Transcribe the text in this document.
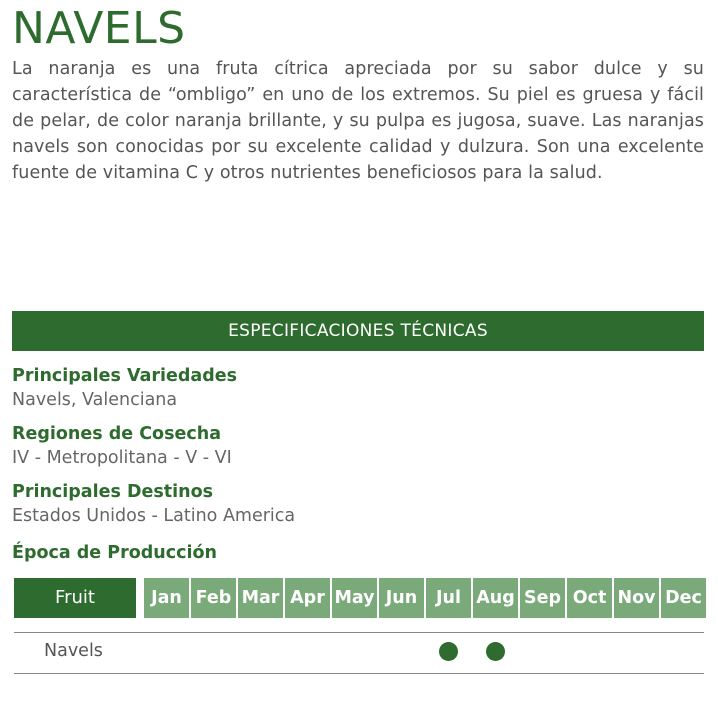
NAVELS

La naranja es una fruta cítrica apreciada por su sabor dulce y su característica de “ombligo” en uno de los extremos. Su piel es gruesa y fácil de pelar, de color naranja brillante, y su pulpa es jugosa, suave. Las naranjas navels son conocidas por su excelente calidad y dulzura. Son una excelente fuente de vitamina C y otros nutrientes beneficiosos para la salud.

ESPECIFICACIONES TÉCNICAS

Principales Variedades

Navels, Valenciana

Regiones de Cosecha

IV - Metropolitana - V - VI

Principales Destinos

Estados Unidos - Latino America

Época de Producción

Fruit	Jan Feb Mar Apr May Jun	Jul Aug Sep Oct Nov Dec
Navels
